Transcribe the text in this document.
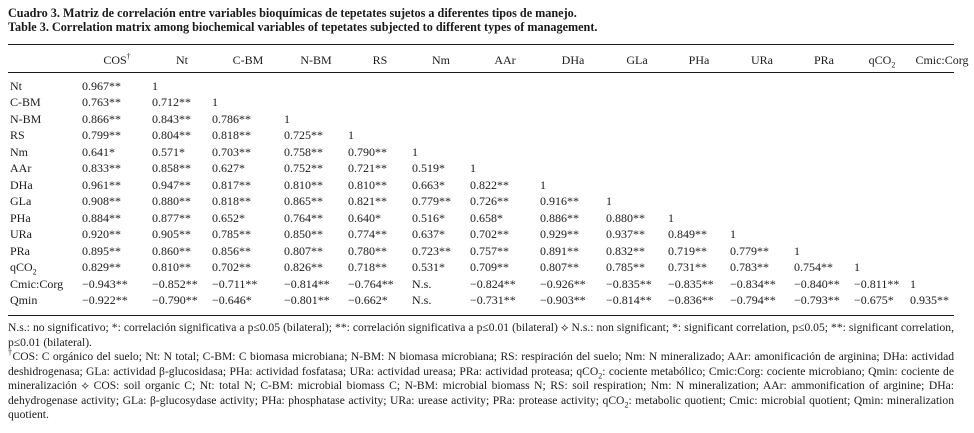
Cuadro 3. Matriz de correlación entre variables bioquímicas de tepetates sujetos a diferentes tipos de manejo.
Table 3. Correlation matrix among biochemical variables of tepetates subjected to different types of management.
	COS†	Nt	C-BM	N-BM	RS	Nm	AAr	DHa	GLa	PHa	URa	PRa	qCO$_2$	Cmic:Corg
Nt	0.967**	1												
C-BM	0.763**	0.712**	1											
N-BM	0.866**	0.843**	0.786**	1										
RS	0.799**	0.804**	0.818**	0.725**	1									
Nm	0.641*	0.571*	0.703**	0.758**	0.790**	1								
AAr	0.833**	0.858**	0.627*	0.752**	0.721**	0.519*	1							
DHa	0.961**	0.947**	0.817**	0.810**	0.810**	0.663*	0.822**	1						
GLa	0.908**	0.880**	0.818**	0.865**	0.821**	0.779**	0.726**	0.916**	1					
PHa	0.884**	0.877**	0.652*	0.764**	0.640*	0.516*	0.658*	0.886**	0.880**	1				
URa	0.920**	0.905**	0.785**	0.850**	0.774**	0.637*	0.702**	0.929**	0.937**	0.849**	1			
PRa	0.895**	0.860**	0.856**	0.807**	0.780**	0.723**	0.757**	0.891**	0.832**	0.719**	0.779**	1		
qCO$_2$	0.829**	0.810**	0.702**	0.826**	0.718**	0.531*	0.709**	0.807**	0.785**	0.731**	0.783**	0.754**	1	
Cmic:Corg	−0.943**	−0.852**	−0.711**	−0.814**	−0.764**	N.s.	−0.824**	−0.926**	−0.835**	−0.835**	−0.834**	−0.840**	−0.811**	1
Qmin	−0.922**	−0.790**	−0.646*	−0.801**	−0.662*	N.s.	−0.731**	−0.903**	−0.814**	−0.836**	−0.794**	−0.793**	−0.675*	0.935**

N.s.: no significativo; *: correlación significativa a p≤0.05 (bilateral); **: correlación significativa a p≤0.01 (bilateral) ⟡ N.s.: non significant; *: significant correlation, p≤0.05; **: significant correlation, p≤0.01 (bilateral).

†COS: C orgánico del suelo; Nt: N total; C-BM: C biomasa microbiana; N-BM: N biomasa microbiana; RS: respiración del suelo; Nm: N mineralizado; AAr: amonificación de arginina; DHa: actividad deshidrogenasa; GLa: actividad β-glucosidasa; PHa: actividad fosfatasa; URa: actividad ureasa; PRa: actividad proteasa; qCO$_2$: cociente metabólico; Cmic:Corg: cociente microbiano; Qmin: cociente de mineralización ⟡ COS: soil organic C; Nt: total N; C-BM: microbial biomass C; N-BM: microbial biomass N; RS: soil respiration; Nm: N mineralization; AAr: ammonification of arginine; DHa: dehydrogenase activity; GLa: β-glucosydase activity; PHa: phosphatase activity; URa: urease activity; PRa: protease activity; qCO$_2$: metabolic quotient; Cmic: microbial quotient; Qmin: mineralization quotient.
